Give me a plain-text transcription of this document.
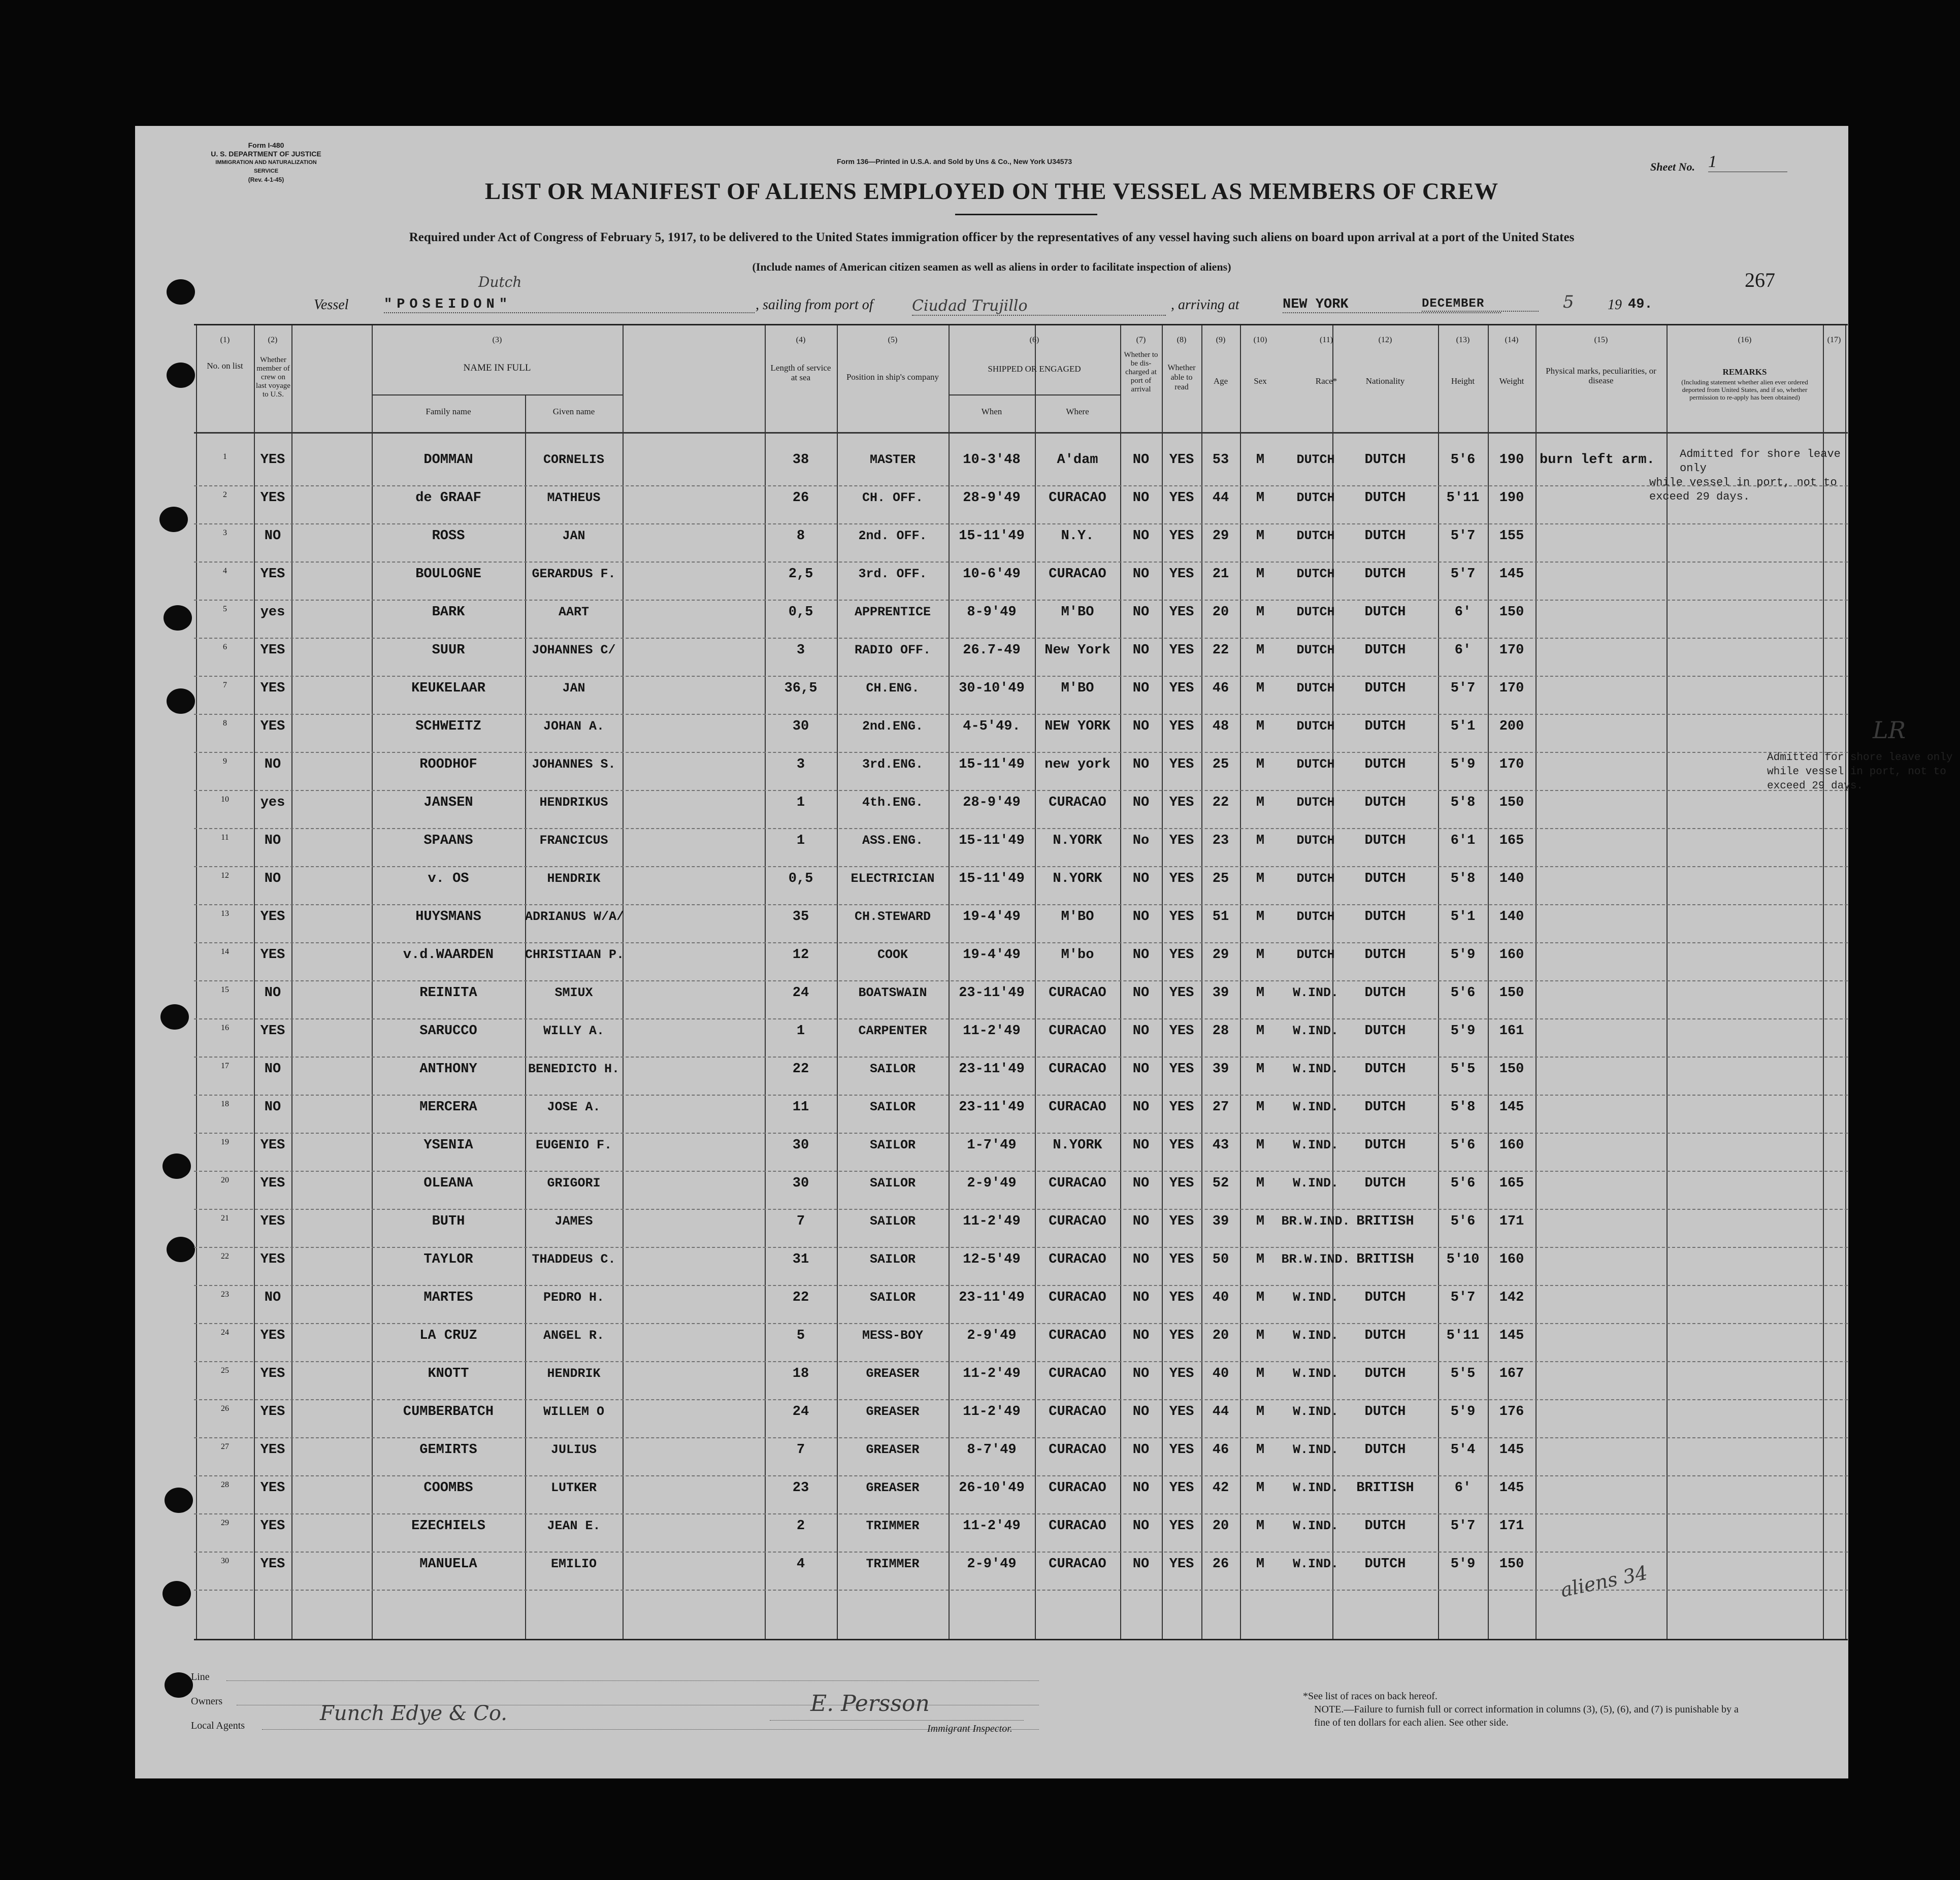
Form I-480
U. S. DEPARTMENT OF JUSTICE
IMMIGRATION AND NATURALIZATION SERVICE
(Rev. 4-1-45)
Form 136—Printed in U.S.A. and Sold by Uns & Co., New York U34573	Sheet No. 1
LIST OR MANIFEST OF ALIENS EMPLOYED ON THE VESSEL AS MEMBERS OF CREW
Required under Act of Congress of February 5, 1917, to be delivered to the United States immigration officer by the representatives of any vessel having such aliens on board upon arrival at a port of the United States
(Include names of American citizen seamen as well as aliens in order to facilitate inspection of aliens)
267
Vessel	"POSEIDON"
Dutch
, sailing from port of	Ciudad Trujillo	, arriving at	NEW YORK	DECEMBER	5 19 49.
(1)	(2)	(3)	(4)	(5)	(6)	(7)	(8)	(9)	(10)	(11)	(12)	(13)	(14)	(15)	(16)	(17)
No. on list
Whether member of crew on last voyage to U.S.
NAME IN FULL
Family name	Given name
Length of service at sea	Position in ship's company
SHIPPED OR ENGAGED
When	Where
Whether to be dis-charged at port of arrival
Whether able to read
Age	Sex	Race*	Nationality	Height	Weight
Physical marks, peculiarities, or disease
REMARKS
(Including statement whether alien ever ordered deported from United States, and if so, whether permission to re-apply has been obtained)
1	YES	DOMMAN	CORNELIS	38	MASTER	10-3'48	A'dam	NO	YES	53	M	DUTCH	DUTCH	5'6	190	burn left arm.
2	YES	de GRAAF	MATHEUS	26	CH. OFF.	28-9'49	CURACAO	NO	YES	44	M	DUTCH	DUTCH	5'11	190
3	NO	ROSS	JAN	8	2nd. OFF.	15-11'49	N.Y.	NO	YES	29	M	DUTCH	DUTCH	5'7	155
4	YES	BOULOGNE	GERARDUS F.	2,5	3rd. OFF.	10-6'49	CURACAO	NO	YES	21	M	DUTCH	DUTCH	5'7	145
5	yes	BARK	AART	0,5	APPRENTICE	8-9'49	M'BO	NO	YES	20	M	DUTCH	DUTCH	6'	150
6	YES	SUUR	JOHANNES C/	3	RADIO OFF.	26.7-49	New York	NO	YES	22	M	DUTCH	DUTCH	6'	170
7	YES	KEUKELAAR	JAN	36,5	CH.ENG.	30-10'49	M'BO	NO	YES	46	M	DUTCH	DUTCH	5'7	170
8	YES	SCHWEITZ	JOHAN A.	30	2nd.ENG.	4-5'49.	NEW YORK	NO	YES	48	M	DUTCH	DUTCH	5'1	200
9	NO	ROODHOF	JOHANNES S.	3	3rd.ENG.	15-11'49	new york	NO	YES	25	M	DUTCH	DUTCH	5'9	170
10	yes	JANSEN	HENDRIKUS	1	4th.ENG.	28-9'49	CURACAO	NO	YES	22	M	DUTCH	DUTCH	5'8	150
11	NO	SPAANS	FRANCICUS	1	ASS.ENG.	15-11'49	N.YORK	No	YES	23	M	DUTCH	DUTCH	6'1	165
12	NO	v. OS	HENDRIK	0,5	ELECTRICIAN	15-11'49	N.YORK	NO	YES	25	M	DUTCH	DUTCH	5'8	140
13	YES	HUYSMANS	ADRIANUS W/A/	35	CH.STEWARD	19-4'49	M'BO	NO	YES	51	M	DUTCH	DUTCH	5'1	140
14	YES	v.d.WAARDEN	CHRISTIAAN P.	12	COOK	19-4'49	M'bo	NO	YES	29	M	DUTCH	DUTCH	5'9	160
15	NO	REINITA	SMIUX	24	BOATSWAIN	23-11'49	CURACAO	NO	YES	39	M	W.IND.	DUTCH	5'6	150
16	YES	SARUCCO	WILLY A.	1	CARPENTER	11-2'49	CURACAO	NO	YES	28	M	W.IND.	DUTCH	5'9	161
17	NO	ANTHONY	BENEDICTO H.	22	SAILOR	23-11'49	CURACAO	NO	YES	39	M	W.IND.	DUTCH	5'5	150
18	NO	MERCERA	JOSE A.	11	SAILOR	23-11'49	CURACAO	NO	YES	27	M	W.IND.	DUTCH	5'8	145
19	YES	YSENIA	EUGENIO F.	30	SAILOR	1-7'49	N.YORK	NO	YES	43	M	W.IND.	DUTCH	5'6	160
20	YES	OLEANA	GRIGORI	30	SAILOR	2-9'49	CURACAO	NO	YES	52	M	W.IND.	DUTCH	5'6	165
21	YES	BUTH	JAMES	7	SAILOR	11-2'49	CURACAO	NO	YES	39	M	BR.W.IND. BRITISH	5'6	171
22	YES	TAYLOR	THADDEUS C.	31	SAILOR	12-5'49	CURACAO	NO	YES	50	M	BR.W.IND. BRITISH	5'10	160
23	NO	MARTES	PEDRO H.	22	SAILOR	23-11'49	CURACAO	NO	YES	40	M	W.IND.	DUTCH	5'7	142
24	YES	LA CRUZ	ANGEL R.	5	MESS-BOY	2-9'49	CURACAO	NO	YES	20	M	W.IND.	DUTCH	5'11	145
25	YES	KNOTT	HENDRIK	18	GREASER	11-2'49	CURACAO	NO	YES	40	M	W.IND.	DUTCH	5'5	167
26	YES	CUMBERBATCH	WILLEM O	24	GREASER	11-2'49	CURACAO	NO	YES	44	M	W.IND.	DUTCH	5'9	176
27	YES	GEMIRTS	JULIUS	7	GREASER	8-7'49	CURACAO	NO	YES	46	M	W.IND.	DUTCH	5'4	145
28	YES	COOMBS	LUTKER	23	GREASER	26-10'49	CURACAO	NO	YES	42	M	W.IND.	BRITISH	6'	145
29	YES	EZECHIELS	JEAN E.	2	TRIMMER	11-2'49	CURACAO	NO	YES	20	M	W.IND.	DUTCH	5'7	171
30	YES	MANUELA	EMILIO	4	TRIMMER	2-9'49	CURACAO	NO	YES	26	M	W.IND.	DUTCH	5'9	150
Admitted for shore leave only
while vessel in port, not to
exceed 29 days.
Admitted for shore leave only
while vessel in port, not to
exceed 29 days.
LR
aliens 34
Line
Owners
Local Agents
Funch Edye & Co.	E. Persson
Immigrant Inspector.
*See list of races on back hereof.
NOTE.—Failure to furnish full or correct information in columns (3), (5), (6), and (7) is punishable by a fine of ten dollars for each alien. See other side.
